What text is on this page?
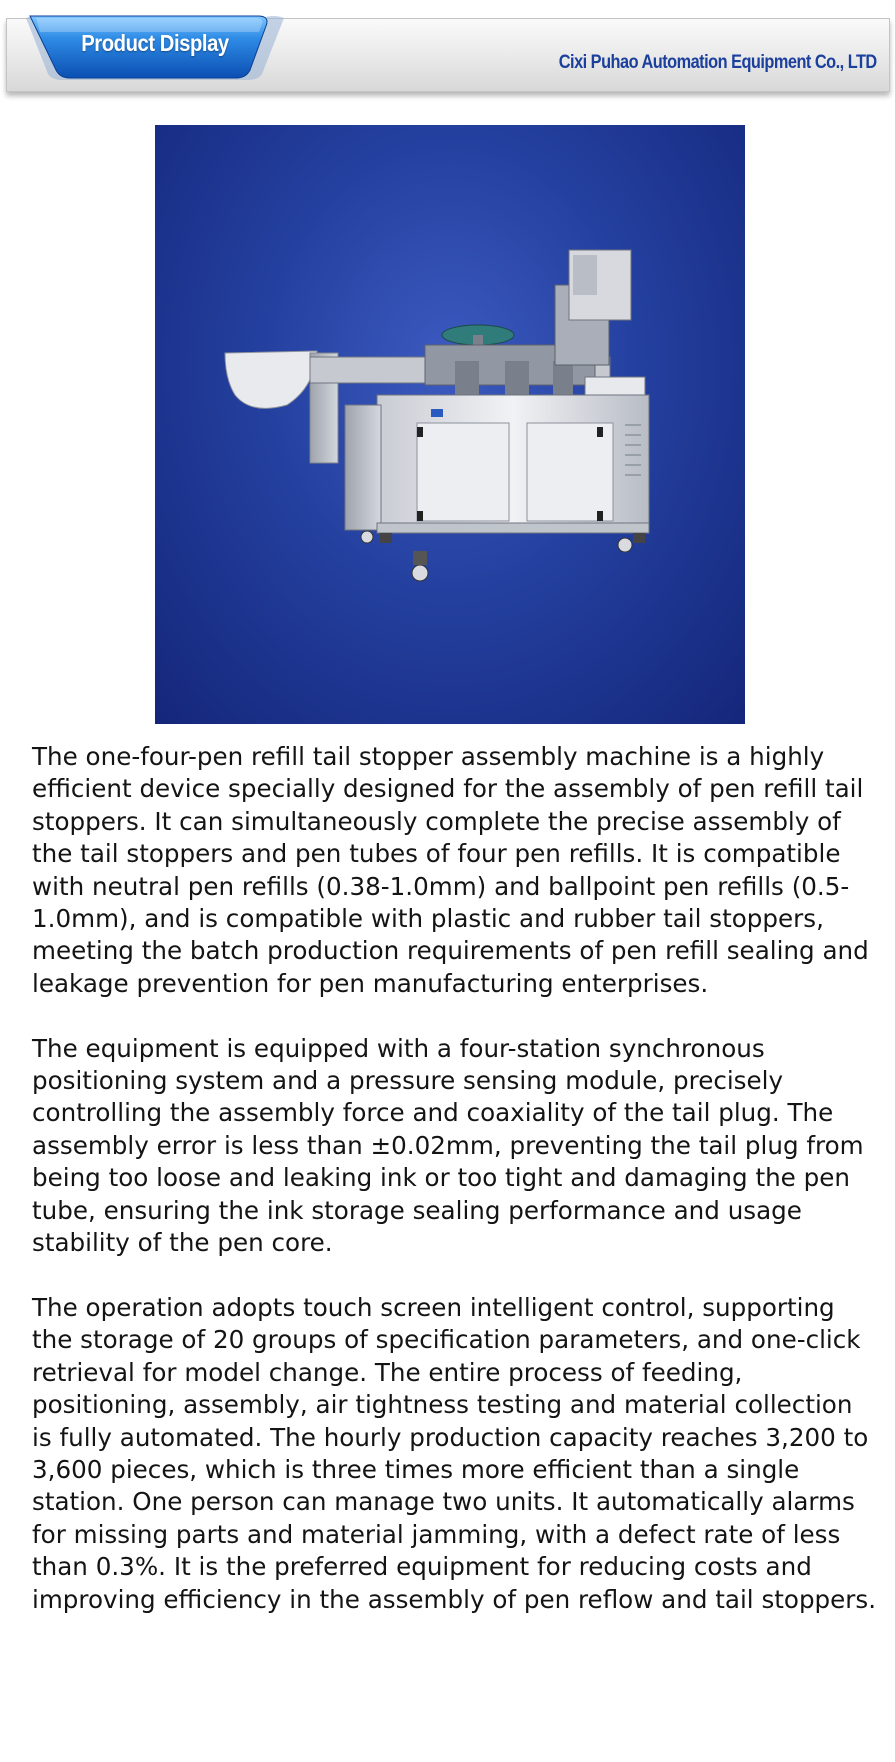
Product Display
Cixi Puhao Automation Equipment Co., LTD

The one-four-pen refill tail stopper assembly machine is a highly efficient device specially designed for the assembly of pen refill tail stoppers. It can simultaneously complete the precise assembly of the tail stoppers and pen tubes of four pen refills. It is compatible with neutral pen refills (0.38-1.0mm) and ballpoint pen refills (0.5-1.0mm), and is compatible with plastic and rubber tail stoppers, meeting the batch production requirements of pen refill sealing and leakage prevention for pen manufacturing enterprises.

The equipment is equipped with a four-station synchronous positioning system and a pressure sensing module, precisely controlling the assembly force and coaxiality of the tail plug. The assembly error is less than ±0.02mm, preventing the tail plug from being too loose and leaking ink or too tight and damaging the pen tube, ensuring the ink storage sealing performance and usage stability of the pen core.

The operation adopts touch screen intelligent control, supporting the storage of 20 groups of specification parameters, and one-click retrieval for model change. The entire process of feeding, positioning, assembly, air tightness testing and material collection is fully automated. The hourly production capacity reaches 3,200 to 3,600 pieces, which is three times more efficient than a single station. One person can manage two units. It automatically alarms for missing parts and material jamming, with a defect rate of less than 0.3%. It is the preferred equipment for reducing costs and improving efficiency in the assembly of pen reflow and tail stoppers.
